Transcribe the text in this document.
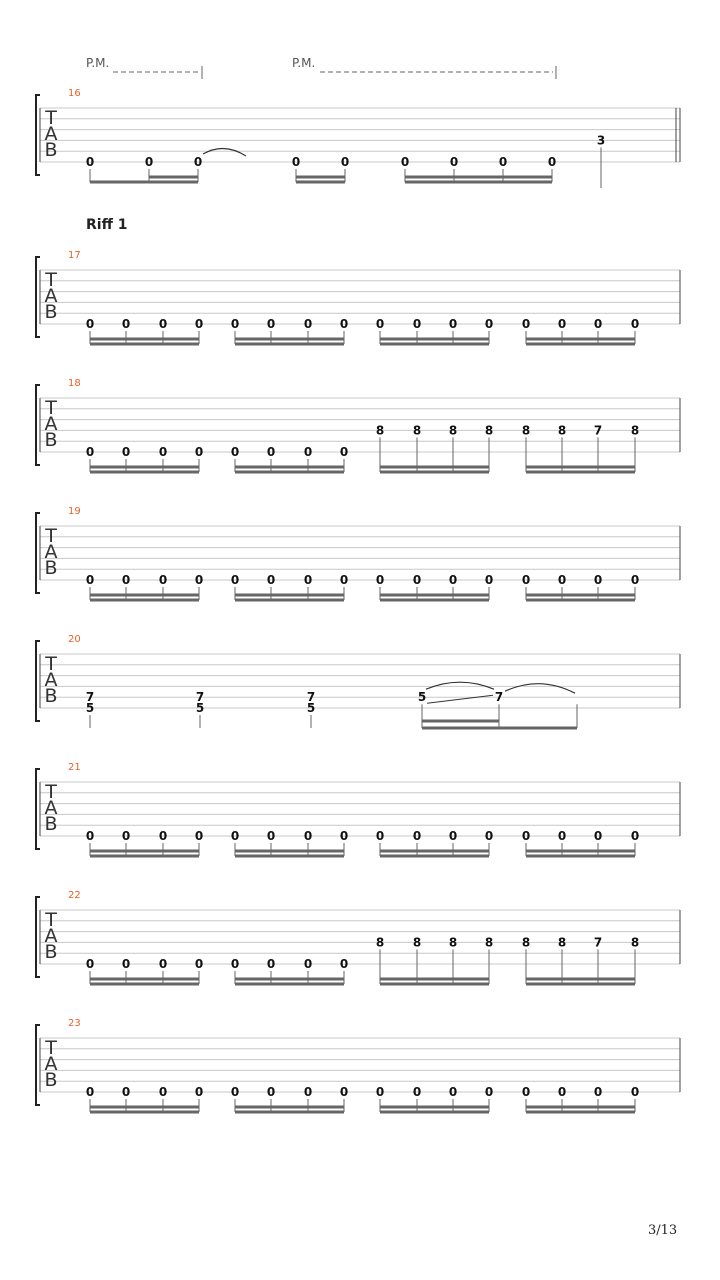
P.M.	P.M.
Riff 1
16
T
A
B
0	0	0	0	0	0	0	0	0
3
17
T
A
B
0 0 0 0 0 0 0 0 0 0 0 0 0 0 0 0
18
T
A
B
0 0 0 0 0 0 0 0
8 8 8 8 8 8 7 8
19
T
A
B
0 0 0 0 0 0 0 0 0 0 0 0 0 0 0 0
20
T
A
B 7
5
7
5
7
5
5	7
21
T
A
B
0 0 0 0 0 0 0 0 0 0 0 0 0 0 0 0
22
T
A
B
0 0 0 0 0 0 0 0
8 8 8 8 8 8 7 8
23
T
A
B
0 0 0 0 0 0 0 0 0 0 0 0 0 0 0 0
3/13
